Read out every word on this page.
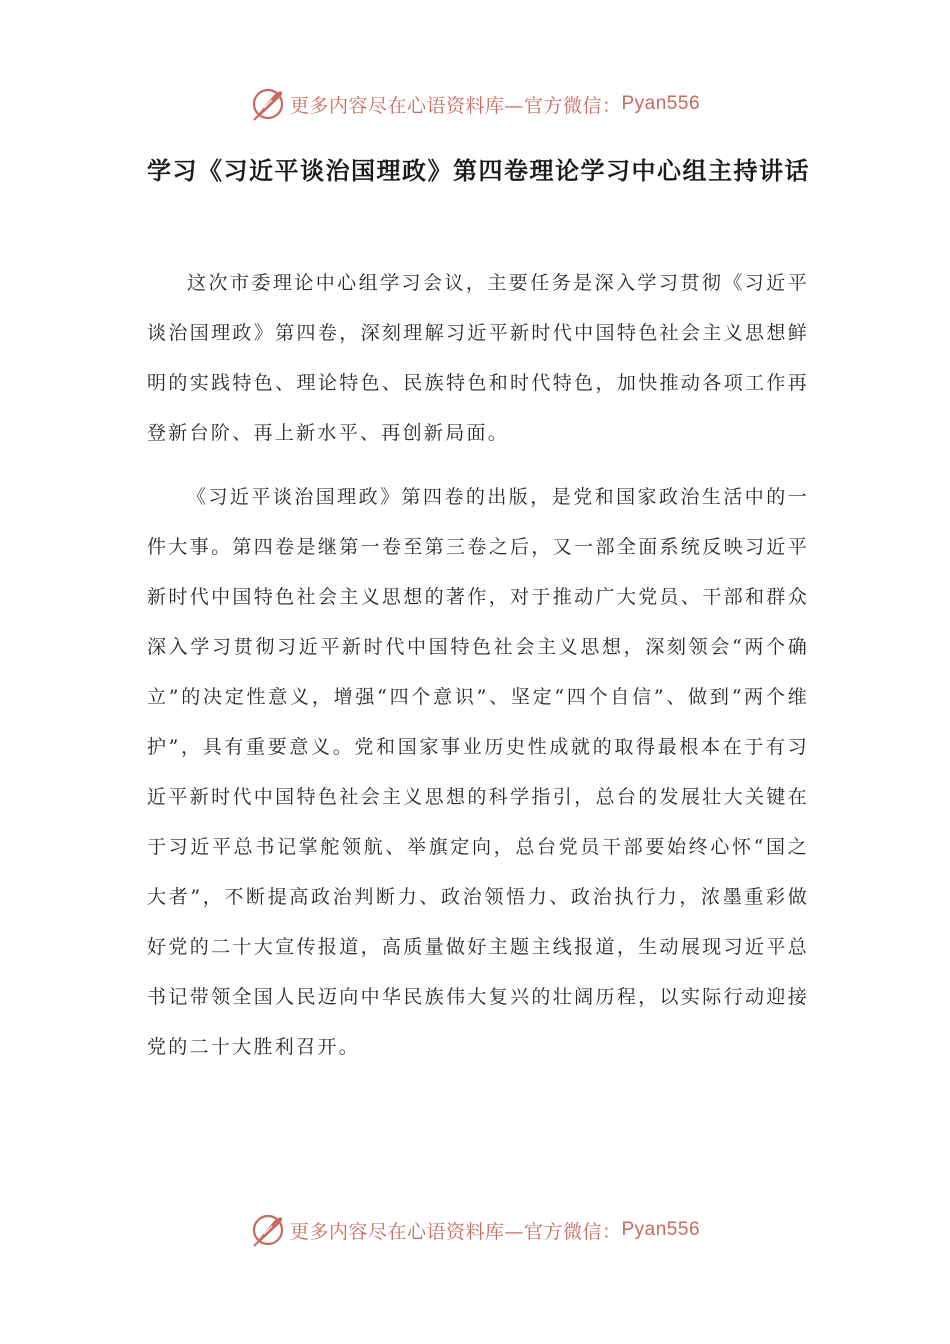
更多内容尽在心语资料库—官方微信： Pyan556
学习《习近平谈治国理政》第四卷理论学习中心组主持讲话

这次市委理论中心组学习会议，主要任务是深入学习贯彻《习近平谈治国理政》第四卷，深刻理解习近平新时代中国特色社会主义思想鲜明的实践特色、理论特色、民族特色和时代特色，加快推动各项工作再登新台阶、再上新水平、再创新局面。

《习近平谈治国理政》第四卷的出版，是党和国家政治生活中的一件大事。第四卷是继第一卷至第三卷之后，又一部全面系统反映习近平新时代中国特色社会主义思想的著作，对于推动广大党员、干部和群众深入学习贯彻习近平新时代中国特色社会主义思想，深刻领会“两个确立”的决定性意义，增强“四个意识”、坚定“四个自信”、做到“两个维护”，具有重要意义。党和国家事业历史性成就的取得最根本在于有习近平新时代中国特色社会主义思想的科学指引，总台的发展壮大关键在于习近平总书记掌舵领航、举旗定向，总台党员干部要始终心怀“国之大者”，不断提高政治判断力、政治领悟力、政治执行力，浓墨重彩做好党的二十大宣传报道，高质量做好主题主线报道，生动展现习近平总书记带领全国人民迈向中华民族伟大复兴的壮阔历程，以实际行动迎接党的二十大胜利召开。

更多内容尽在心语资料库—官方微信： Pyan556
